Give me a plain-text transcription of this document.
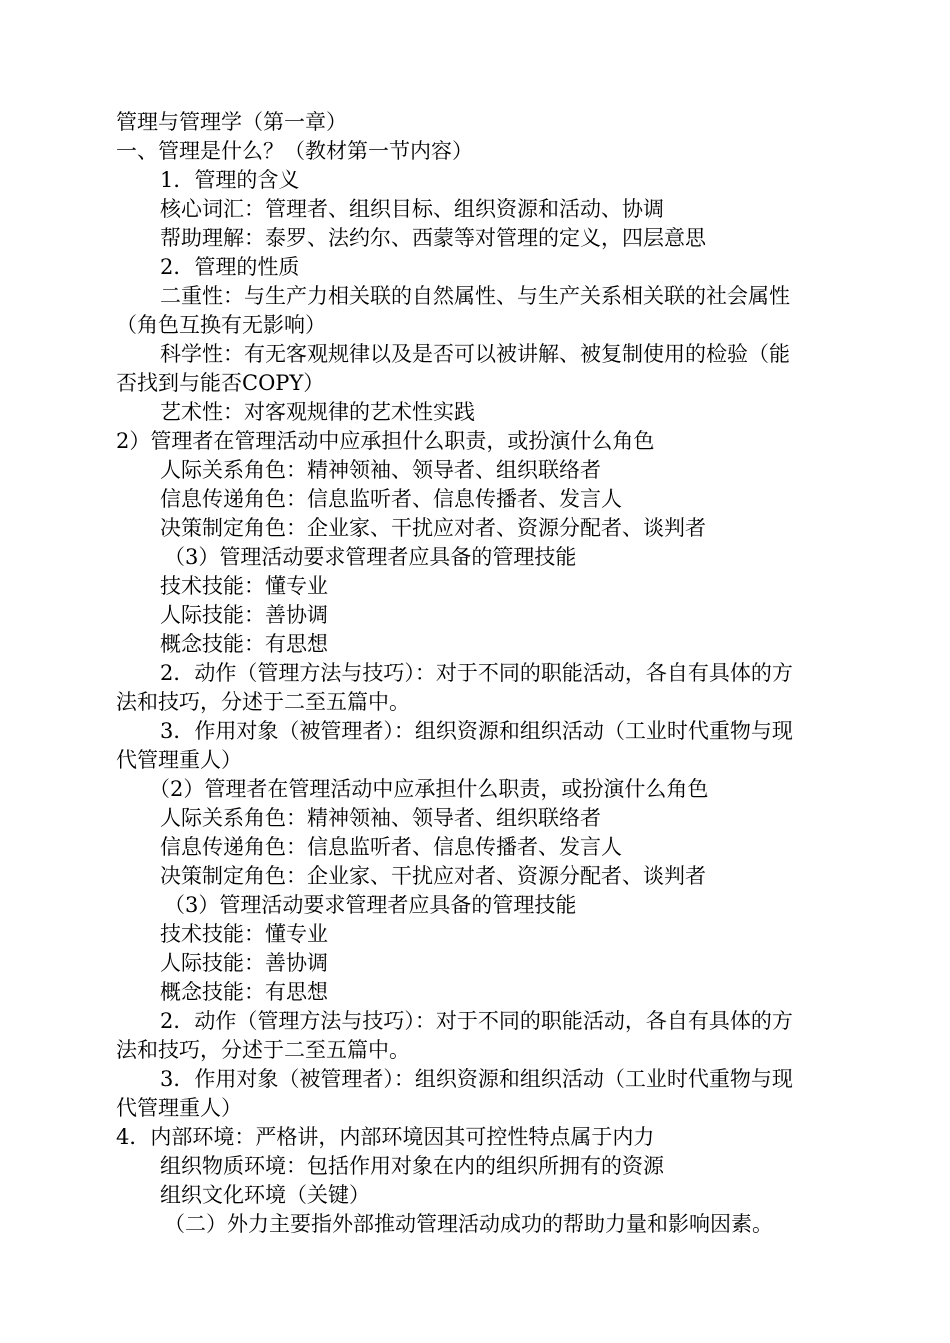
管理与管理学（第一章）
一、管理是什么？（教材第一节内容）
1．管理的含义
核心词汇：管理者、组织目标、组织资源和活动、协调
帮助理解：泰罗、法约尔、西蒙等对管理的定义，四层意思
2．管理的性质
二重性：与生产力相关联的自然属性、与生产关系相关联的社会属性
（角色互换有无影响）
科学性：有无客观规律以及是否可以被讲解、被复制使用的检验（能
否找到与能否COPY）
艺术性：对客观规律的艺术性实践
2）管理者在管理活动中应承担什么职责，或扮演什么角色
人际关系角色：精神领袖、领导者、组织联络者
信息传递角色：信息监听者、信息传播者、发言人
决策制定角色：企业家、干扰应对者、资源分配者、谈判者
（3）管理活动要求管理者应具备的管理技能
技术技能：懂专业
人际技能：善协调
概念技能：有思想
2．动作（管理方法与技巧）：对于不同的职能活动，各自有具体的方
法和技巧，分述于二至五篇中。
3．作用对象（被管理者）：组织资源和组织活动（工业时代重物与现
代管理重人）
（2）管理者在管理活动中应承担什么职责，或扮演什么角色
人际关系角色：精神领袖、领导者、组织联络者
信息传递角色：信息监听者、信息传播者、发言人
决策制定角色：企业家、干扰应对者、资源分配者、谈判者
（3）管理活动要求管理者应具备的管理技能
技术技能：懂专业
人际技能：善协调
概念技能：有思想
2．动作（管理方法与技巧）：对于不同的职能活动，各自有具体的方
法和技巧，分述于二至五篇中。
3．作用对象（被管理者）：组织资源和组织活动（工业时代重物与现
代管理重人）
4．内部环境：严格讲，内部环境因其可控性特点属于内力
组织物质环境：包括作用对象在内的组织所拥有的资源
组织文化环境（关键）
（二）外力主要指外部推动管理活动成功的帮助力量和影响因素。
